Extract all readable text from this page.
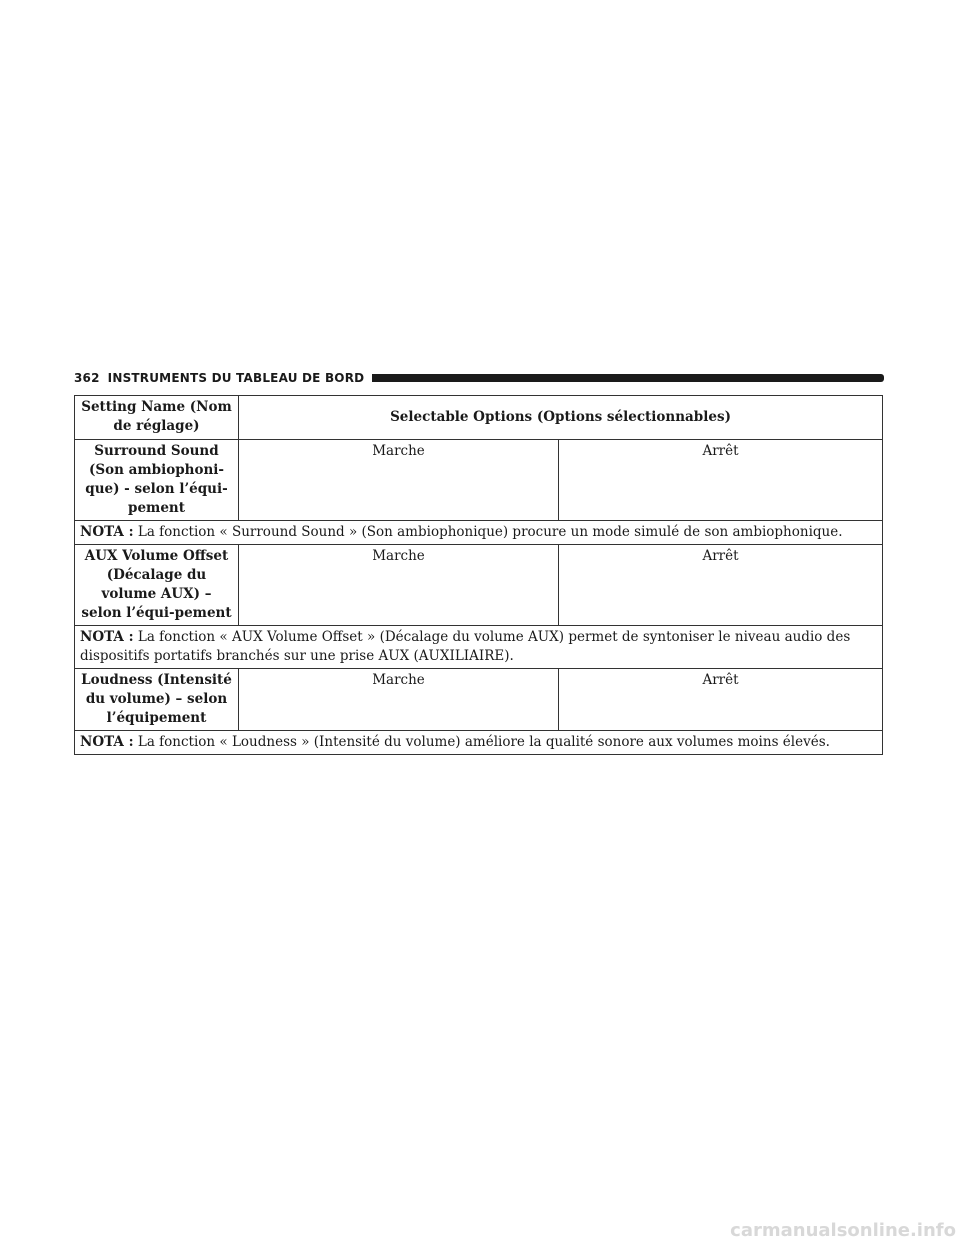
362 INSTRUMENTS DU TABLEAU DE BORD
Setting Name (Nom de réglage)	Selectable Options (Options sélectionnables)	
Surround Sound (Son ambiophoni-que) - selon l’équi-pement	Marche	Arrêt
NOTA : La fonction « Surround Sound » (Son ambiophonique) procure un mode simulé de son ambiophonique.		
AUX Volume Offset (Décalage du volume AUX) – selon l’équi-pement	Marche	Arrêt
NOTA : La fonction « AUX Volume Offset » (Décalage du volume AUX) permet de syntoniser le niveau audio des dispositifs portatifs branchés sur une prise AUX (AUXILIAIRE).		
Loudness (Intensité du volume) – selon l’équipement	Marche	Arrêt
NOTA : La fonction « Loudness » (Intensité du volume) améliore la qualité sonore aux volumes moins élevés.		
carmanualsonline.info
